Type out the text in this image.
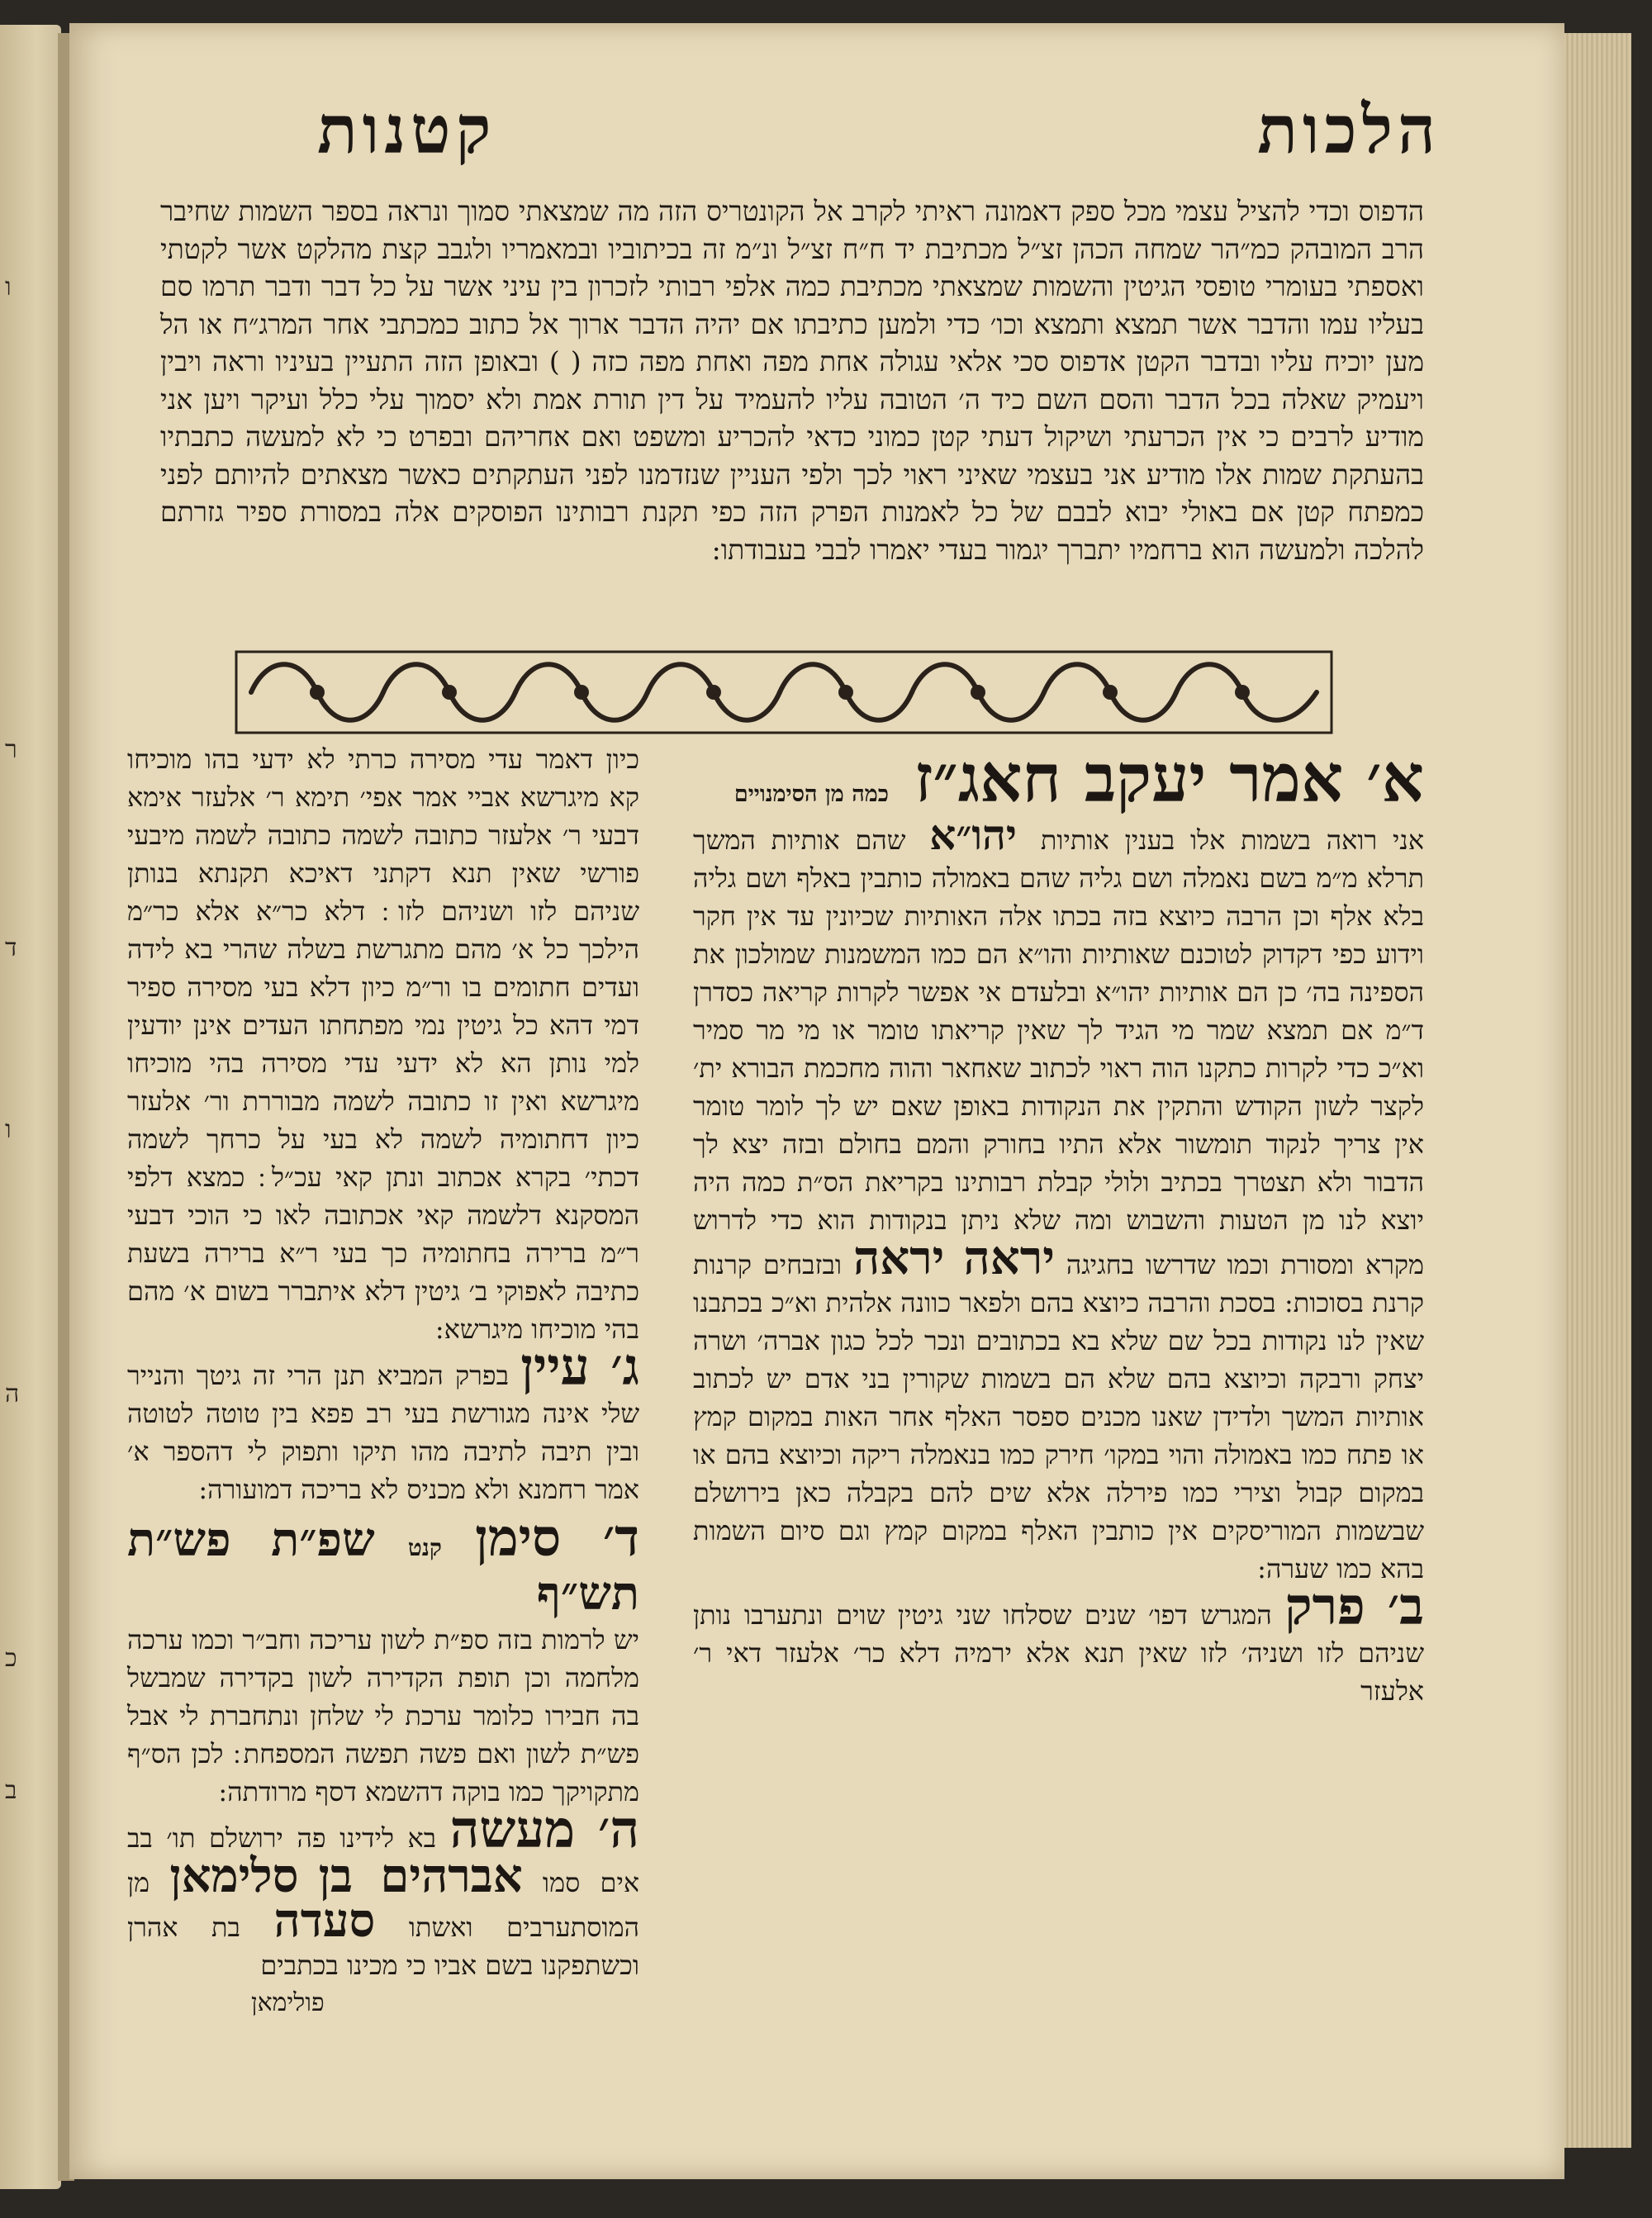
ו
ר
ד
ו
ה
כ
ב
הלכות
קטנות
הדפוס וכדי להציל עצמי מכל ספק דאמונה ראיתי לקרב אל הקונטריס הזה מה שמצאתי סמוך ונראה בספר השמות שחיבר הרב המובהק כמ״הר שמחה הכהן זצ״ל מכתיבת יד ח״ח זצ״ל ונ״מ זה בכיתוביו ובמאמריו ולגבב קצת מהלקט אשר לקטתי ואספתי בעומרי טופסי הגיטין והשמות שמצאתי מכתיבת כמה אלפי רבותי לזכרון בין עיני אשר על כל דבר ודבר תרמו סם בעליו עמו והדבר אשר תמצא ותמצא וכו׳ כדי ולמען כתיבתו אם יהיה הדבר ארוך אל כתוב כמכתבי אחר המרג״ח או הל מען יוכיח עליו ובדבר הקטן אדפוס סכי אלאי עגולה אחת מפה ואחת מפה כזה ( ) ובאופן הזה התעיין בעיניו וראה ויבין ויעמיק שאלה בכל הדבר והסם השם כיד ה׳ הטובה עליו להעמיד על דין תורת אמת ולא יסמוך עלי כלל ועיקר ויען אני מודיע לרבים כי אין הכרעתי ושיקול דעתי קטן כמוני כדאי להכריע ומשפט ואם אחריהם ובפרט כי לא למעשה כתבתיו בהעתקת שמות אלו מודיע אני בעצמי שאיני ראוי לכך ולפי העניין שנזדמנו לפני העתקתים כאשר מצאתים להיותם לפני כמפתח קטן אם באולי יבוא לבבם של כל לאמנות הפרק הזה כפי תקנת רבותינו הפוסקים אלה במסורת ספיר גזרתם להלכה ולמעשה הוא ברחמיו יתברך יגמור בעדי יאמרו לבבי בעבודתו:
א׳ אמר יעקב חאג״ז כמה מן הסימנויים

אני רואה בשמות אלו בענין אותיות יהו״א שהם אותיות המשך תרלא מ״מ בשם נאמלה ושם גליה שהם באמולה כותבין באלף ושם גליה בלא אלף וכן הרבה כיוצא בזה בכתו אלה האותיות שכיונין עד אין חקר וידוע כפי דקדוק לטוכנם שאותיות והו״א הם כמו המשמנות שמולכון את הספינה בה׳ כן הם אותיות יהו״א ובלעדם אי אפשר לקרות קריאה כסדרן ד״מ אם תמצא שמר מי הגיד לך שאין קריאתו טומר או מי מר סמיר וא״כ כדי לקרות כתקנו הוה ראוי לכתוב שאחאר והוה מחכמת הבורא ית׳ לקצר לשון הקודש והתקין את הנקודות באופן שאם יש לך לומר טומר אין צריך לנקוד תומשור אלא התיו בחורק והמם בחולם ובזה יצא לך הדבור ולא תצטרך בכתיב ולולי קבלת רבותינו בקריאת הס״ת כמה היה יוצא לנו מן הטעות והשבוש ומה שלא ניתן בנקודות הוא כדי לדרוש מקרא ומסורת וכמו שדרשו בחגיגה יראה יראה ובזבחים קרנות קרנת בסוכות: בסכת והרבה כיוצא בהם ולפאר כוונה אלהית וא״כ בכתבנו שאין לנו נקודות בכל שם שלא בא בכתובים ונכר לכל כגון אברה׳ ושרה יצחק ורבקה וכיוצא בהם שלא הם בשמות שקורין בני אדם יש לכתוב אותיות המשך ולדידן שאנו מכנים ספסר האלף אחר האות במקום קמץ או פתח כמו באמולה והוי במקו׳ חירק כמו בנאמלה ריקה וכיוצא בהם או במקום קבול וצירי כמו פירלה אלא שים להם בקבלה כאן בירושלם שבשמות המוריסקים אין כותבין האלף במקום קמץ וגם סיום השמות בהא כמו שערה:

ב׳ פרק המגרש דפו׳ שנים שסלחו שני גיטין שוים ונתערבו נותן שניהם לזו ושניה׳ לזו שאין תנא אלא ירמיה דלא כר׳ אלעזר דאי ר׳ אלעזר

כיון דאמר עדי מסירה כרתי לא ידעי בהו מוכיחו קא מיגרשא אביי אמר אפי׳ תימא ר׳ אלעזר אימא דבעי ר׳ אלעזר כתובה לשמה כתובה לשמה מיבעי פורשי שאין תנא דקתני דאיכא תקנתא בנותן שניהם לזו ושניהם לזו ׃ דלא כר״א אלא כר״מ הילכך כל א׳ מהם מתגרשת בשלה שהרי בא לידה ועדים חתומים בו ור״מ כיון דלא בעי מסירה ספיר דמי דהא כל גיטין נמי מפתחתו העדים אינן יודעין למי נותן הא לא ידעי עדי מסירה בהי מוכיחו מיגרשא ואין זו כתובה לשמה מבוררת ור׳ אלעזר כיון דחתומיה לשמה לא בעי על כרחך לשמה דכתי׳ בקרא אכתוב ונתן קאי עכ״ל ׃ כמצא דלפי המסקנא דלשמה קאי אכתובה לאו כי הוכי דבעי ר״מ ברירה בחתומיה כך בעי ר״א ברירה בשעת כתיבה לאפוקי ב׳ גיטין דלא איתברר בשום א׳ מהם בהי מוכיחו מיגרשא:

ג׳ עיין בפרק המביא תנן הרי זה גיטך והנייר שלי אינה מגורשת בעי רב פפא בין טוטה לטוטה ובין תיבה לתיבה מהו תיקו ותפוק לי דהספר א׳ אמר רחמנא ולא מכניס לא בריכה דמועורה:

ד׳ סימן קנט שפ״ת פש״ת תש״ף

יש לרמות בזה ספ״ת לשון עריכה וחב״ר וכמו ערכה מלחמה וכן תופת הקדירה לשון בקדירה שמבשל בה חבירו כלומר ערכת לי שלחן ונתחברת לי אבל פש״ת לשון ואם פשה תפשה המספחת ׃ לכן הס״ף מתקויקך כמו בוקה דהשמא דסף מרודתה:

ה׳ מעשה בא לידינו פה ירושלם תו׳ בב אים סמו אברהים בן סלימאן מן המוסתערבים ואשתו סעדה בת אהרן וכשתפקנו בשם אביו כי מכינו בכתבים

פולימאן
